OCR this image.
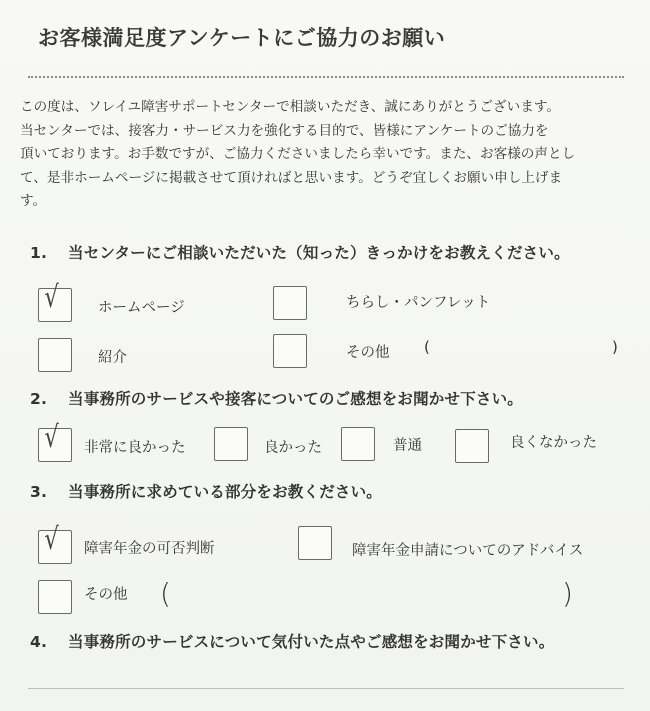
お客様満足度アンケートにご協力のお願い

この度は、ソレイユ障害サポートセンターで相談いただき、誠にありがとうございます。

当センターでは、接客力・サービス力を強化する目的で、皆様にアンケートのご協力を

頂いております。お手数ですが、ご協力くださいましたら幸いです。また、お客様の声とし

て、是非ホームページに掲載させて頂ければと思います。どうぞ宜しくお願い申し上げま

す。

1. 当センターにご相談いただいた（知った）きっかけをお教えください。
√	ホームページ	ちらし・パンフレット
紹介	その他 (	)
2. 当事務所のサービスや接客についてのご感想をお聞かせ下さい。
√ 非常に良かった	良かった	普通	良くなかった
3. 当事務所に求めている部分をお教ください。
√ 障害年金の可否判断	障害年金申請についてのアドバイス
その他 (	)
4. 当事務所のサービスについて気付いた点やご感想をお聞かせ下さい。
